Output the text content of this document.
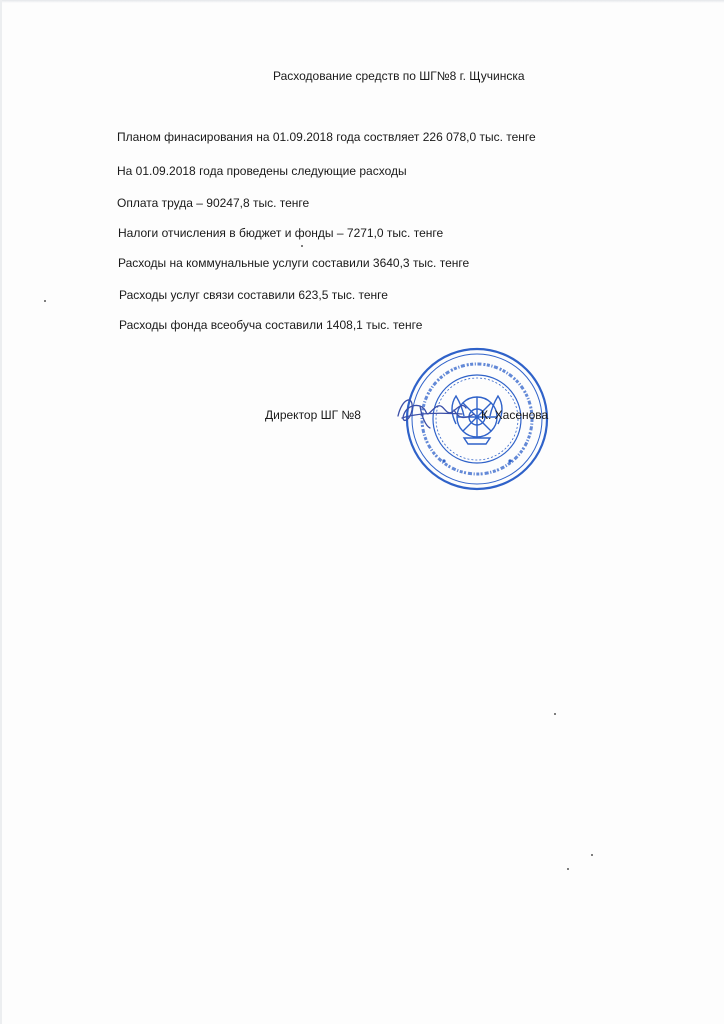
Расходование средств по ШГ№8 г. Щучинска
Планом финасирования на 01.09.2018 года соствляет 226 078,0 тыс. тенге
На 01.09.2018 года проведены следующие расходы
Оплата труда – 90247,8 тыс. тенге
Налоги отчисления в бюджет и фонды – 7271,0 тыс. тенге
Расходы на коммунальные услуги составили 3640,3 тыс. тенге
Расходы услуг связи составили 623,5 тыс. тенге
Расходы фонда всеобуча составили 1408,1 тыс. тенге
Директор ШГ №8	К. Хасенова
